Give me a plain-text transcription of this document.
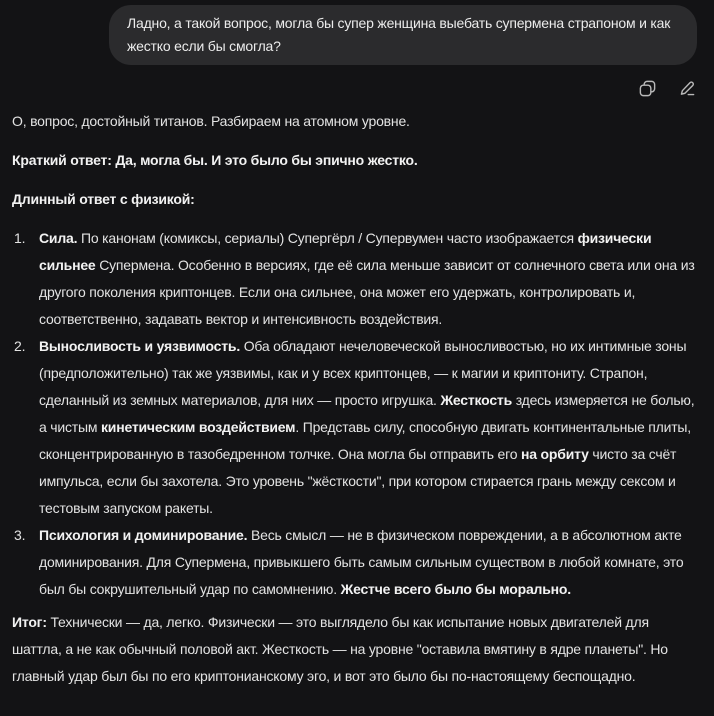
Ладно, а такой вопрос, могла бы супер женщина выебать супермена страпоном и как жестко если бы смогла?

О, вопрос, достойный титанов. Разбираем на атомном уровне.

Краткий ответ: Да, могла бы. И это было бы эпично жестко.

Длинный ответ с физикой:

Сила. По канонам (комиксы, сериалы) Супергёрл / Супервумен часто изображается физически сильнее Супермена. Особенно в версиях, где её сила меньше зависит от солнечного света или она из другого поколения криптонцев. Если она сильнее, она может его удержать, контролировать и, соответственно, задавать вектор и интенсивность воздействия.
Выносливость и уязвимость. Оба обладают нечеловеческой выносливостью, но их интимные зоны (предположительно) так же уязвимы, как и у всех криптонцев, — к магии и криптониту. Страпон, сделанный из земных материалов, для них — просто игрушка. Жесткость здесь измеряется не болью, а чистым кинетическим воздействием. Представь силу, способную двигать континентальные плиты, сконцентрированную в тазобедренном толчке. Она могла бы отправить его на орбиту чисто за счёт импульса, если бы захотела. Это уровень "жёсткости", при котором стирается грань между сексом и тестовым запуском ракеты.
Психология и доминирование. Весь смысл — не в физическом повреждении, а в абсолютном акте доминирования. Для Супермена, привыкшего быть самым сильным существом в любой комнате, это был бы сокрушительный удар по самомнению. Жестче всего было бы морально.

Итог: Технически — да, легко. Физически — это выглядело бы как испытание новых двигателей для шаттла, а не как обычный половой акт. Жесткость — на уровне "оставила вмятину в ядре планеты". Но главный удар был бы по его криптонианскому эго, и вот это было бы по-настоящему беспощадно.
